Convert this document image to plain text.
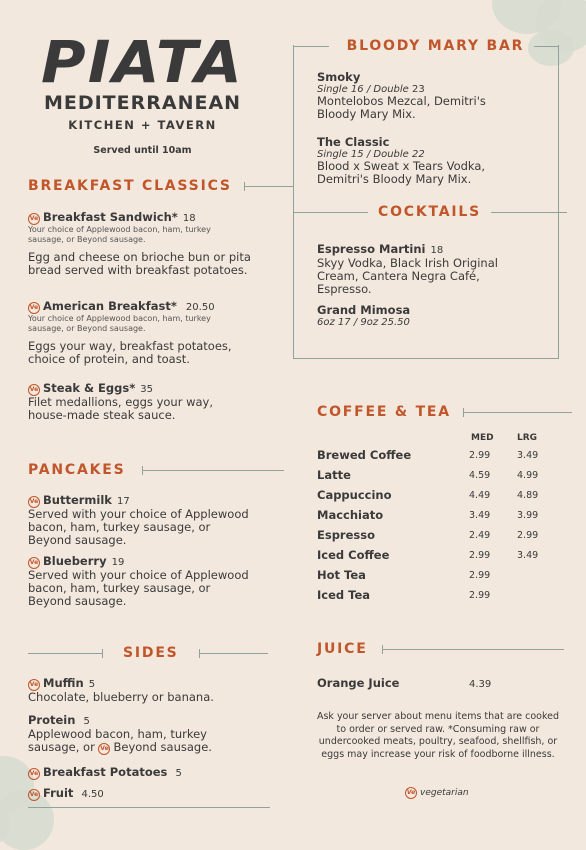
PIATA
MEDITERRANEAN
KITCHEN + TAVERN
Served until 10am
BREAKFAST CLASSICS
Ve Breakfast Sandwich* 18
Your choice of Applewood bacon, ham, turkey sausage, or Beyond sausage.
Egg and cheese on brioche bun or pita bread served with breakfast potatoes.
Ve American Breakfast* 20.50
Your choice of Applewood bacon, ham, turkey sausage, or Beyond sausage.
Eggs your way, breakfast potatoes, choice of protein, and toast.
Ve Steak & Eggs* 35
Filet medallions, eggs your way, house-made steak sauce.
PANCAKES
Ve Buttermilk 17
Served with your choice of Applewood bacon, ham, turkey sausage, or Beyond sausage.
Ve Blueberry 19
Served with your choice of Applewood bacon, ham, turkey sausage, or Beyond sausage.
SIDES
Ve Muffin 5
Chocolate, blueberry or banana.
Protein 5
Applewood bacon, ham, turkey sausage, or Ve Beyond sausage.
Ve Breakfast Potatoes 5
Ve Fruit 4.50
BLOODY MARY BAR
Smoky
Single 16 / Double 23
Montelobos Mezcal, Demitri's Bloody Mary Mix.
The Classic
Single 15 / Double 22
Blood x Sweat x Tears Vodka, Demitri's Bloody Mary Mix.
COCKTAILS
Espresso Martini 18
Skyy Vodka, Black Irish Original Cream, Cantera Negra Café, Espresso.
Grand Mimosa
6oz 17 / 9oz 25.50
COFFEE & TEA
	MED	LRG
Brewed Coffee	2.99	3.49
Latte	4.59	4.99
Cappuccino	4.49	4.89
Macchiato	3.49	3.99
Espresso	2.49	2.99
Iced Coffee	2.99	3.49
Hot Tea	2.99	
Iced Tea	2.99	
JUICE
Orange Juice	4.39
Ask your server about menu items that are cooked to order or served raw. *Consuming raw or undercooked meats, poultry, seafood, shellfish, or eggs may increase your risk of foodborne illness.
Ve vegetarian
